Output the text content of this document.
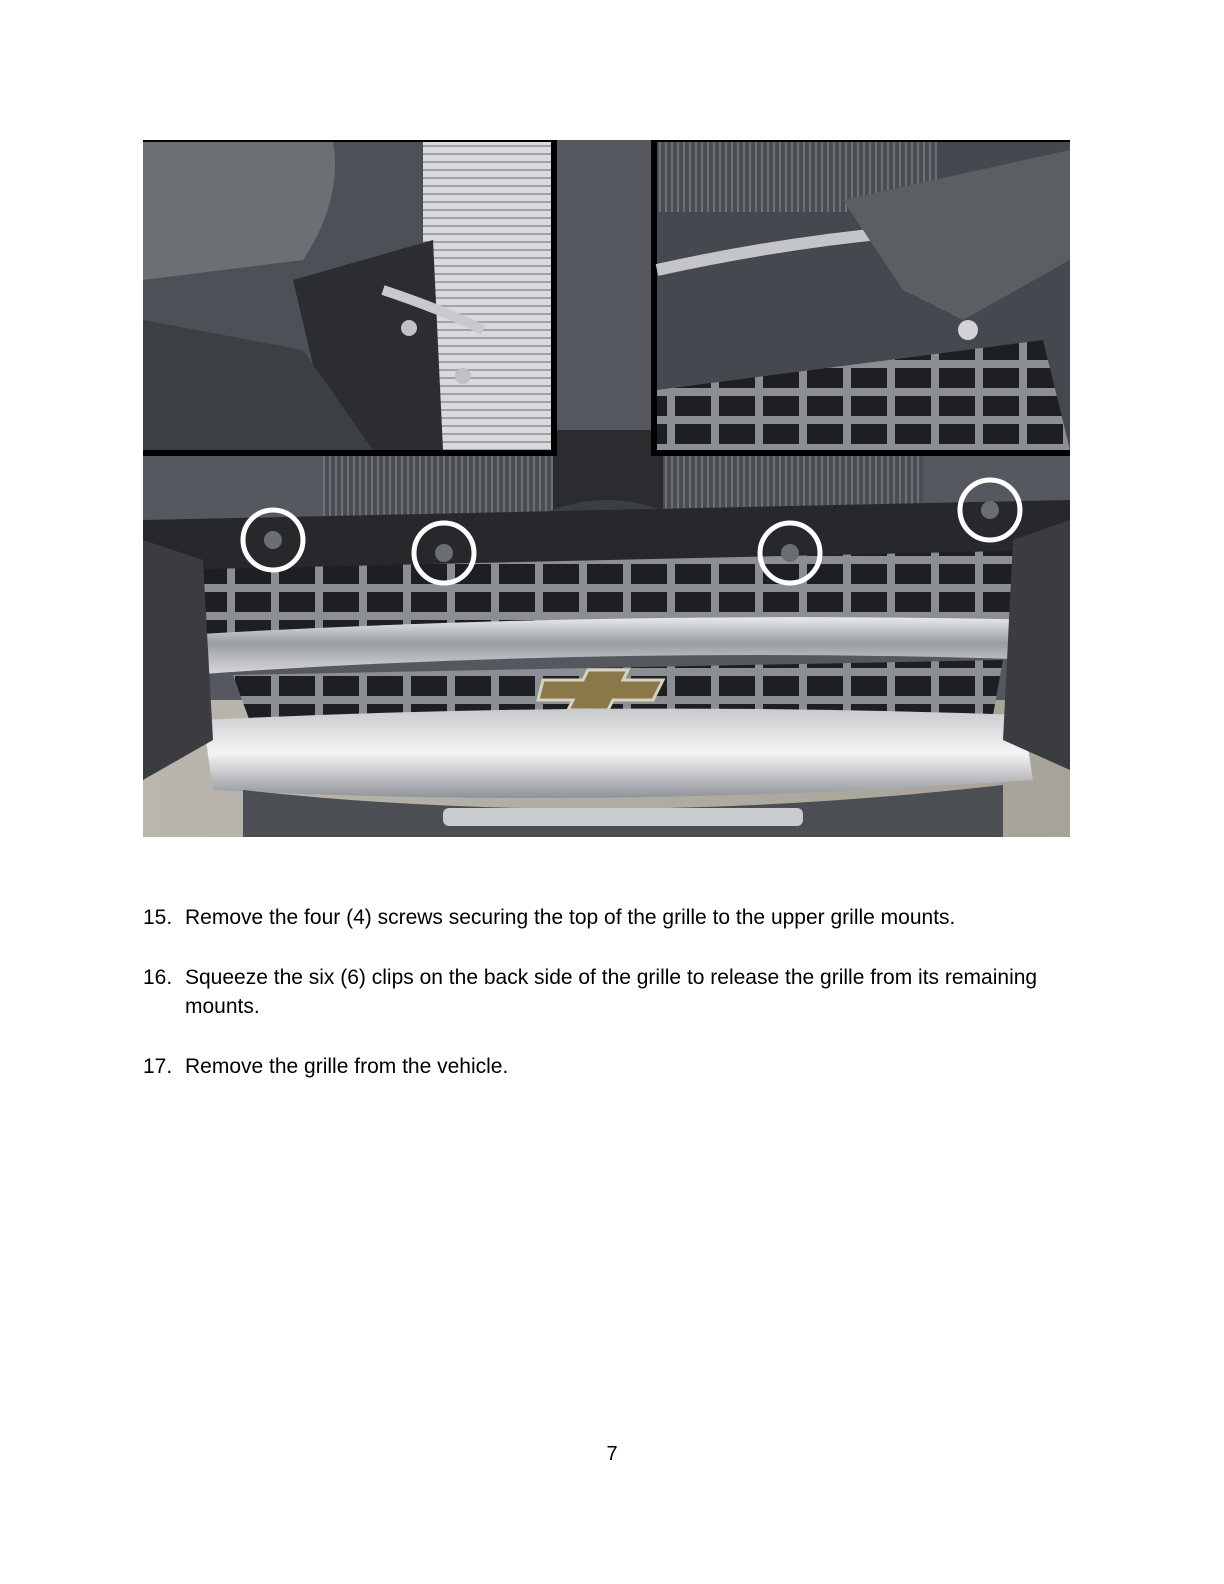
15. Remove the four (4) screws securing the top of the grille to the upper grille mounts.
16. Squeeze the six (6) clips on the back side of the grille to release the grille from its remaining mounts.
17. Remove the grille from the vehicle.
7
